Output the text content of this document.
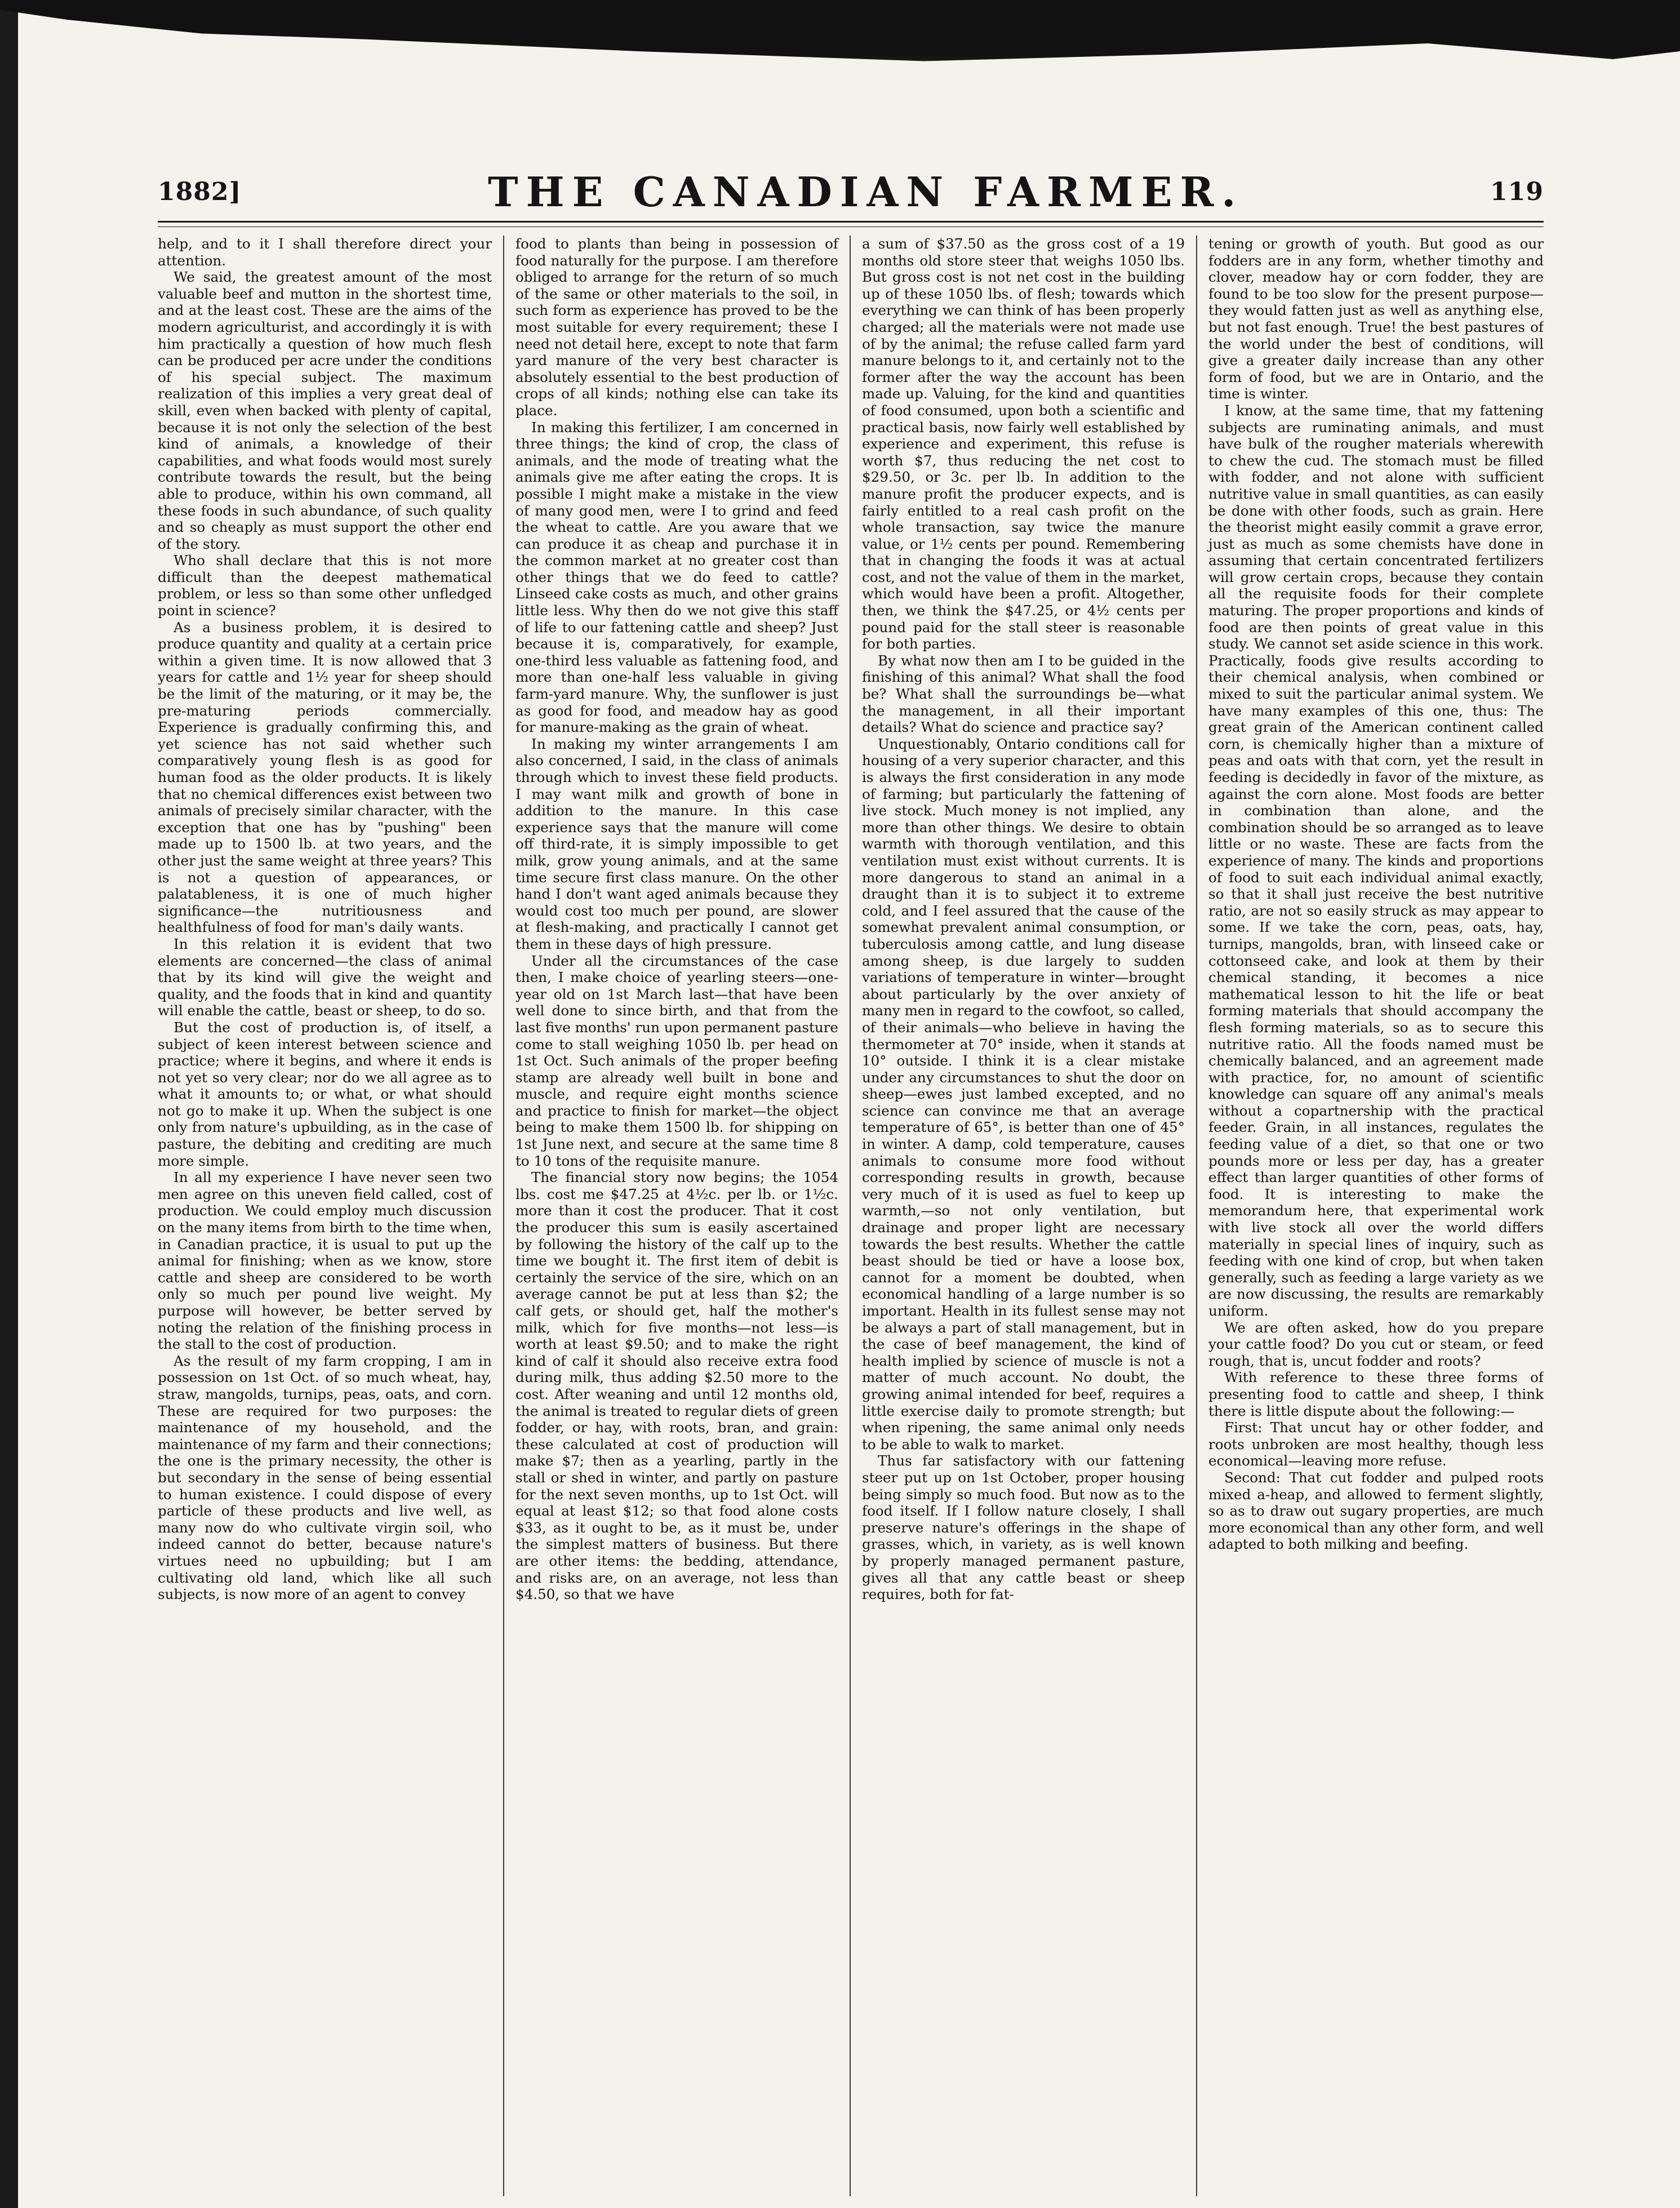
1882]	THE CANADIAN FARMER.	119

help, and to it I shall therefore direct your attention.

We said, the greatest amount of the most valuable beef and mutton in the shortest time, and at the least cost. These are the aims of the modern agriculturist, and accordingly it is with him practically a question of how much flesh can be produced per acre under the conditions of his special subject. The maximum realization of this implies a very great deal of skill, even when backed with plenty of capital, because it is not only the selection of the best kind of animals, a knowledge of their capabilities, and what foods would most surely contribute towards the result, but the being able to produce, within his own command, all these foods in such abundance, of such quality and so cheaply as must support the other end of the story.

Who shall declare that this is not more difficult than the deepest mathematical problem, or less so than some other unfledged point in science?

As a business problem, it is desired to produce quantity and quality at a certain price within a given time. It is now allowed that 3 years for cattle and 1½ year for sheep should be the limit of the maturing, or it may be, the pre-maturing periods commercially. Experience is gradually confirming this, and yet science has not said whether such comparatively young flesh is as good for human food as the older products. It is likely that no chemical differences exist between two animals of precisely similar character, with the exception that one has by "pushing" been made up to 1500 lb. at two years, and the other just the same weight at three years? This is not a question of appearances, or palatableness, it is one of much higher significance—the nutritiousness and healthfulness of food for man's daily wants.

In this relation it is evident that two elements are concerned—the class of animal that by its kind will give the weight and quality, and the foods that in kind and quantity will enable the cattle, beast or sheep, to do so.

But the cost of production is, of itself, a subject of keen interest between science and practice; where it begins, and where it ends is not yet so very clear; nor do we all agree as to what it amounts to; or what, or what should not go to make it up. When the subject is one only from nature's upbuilding, as in the case of pasture, the debiting and crediting are much more simple.

In all my experience I have never seen two men agree on this uneven field called, cost of production. We could employ much discussion on the many items from birth to the time when, in Canadian practice, it is usual to put up the animal for finishing; when as we know, store cattle and sheep are considered to be worth only so much per pound live weight. My purpose will however, be better served by noting the relation of the finishing process in the stall to the cost of production.

As the result of my farm cropping, I am in possession on 1st Oct. of so much wheat, hay, straw, mangolds, turnips, peas, oats, and corn. These are required for two purposes: the maintenance of my household, and the maintenance of my farm and their connections; the one is the primary necessity, the other is but secondary in the sense of being essential to human existence. I could dispose of every particle of these products and live well, as many now do who cultivate virgin soil, who indeed cannot do better, because nature's virtues need no upbuilding; but I am cultivating old land, which like all such subjects, is now more of an agent to convey

food to plants than being in possession of food naturally for the purpose. I am therefore obliged to arrange for the return of so much of the same or other materials to the soil, in such form as experience has proved to be the most suitable for every requirement; these I need not detail here, except to note that farm yard manure of the very best character is absolutely essential to the best production of crops of all kinds; nothing else can take its place.

In making this fertilizer, I am concerned in three things; the kind of crop, the class of animals, and the mode of treating what the animals give me after eating the crops. It is possible I might make a mistake in the view of many good men, were I to grind and feed the wheat to cattle. Are you aware that we can produce it as cheap and purchase it in the common market at no greater cost than other things that we do feed to cattle? Linseed cake costs as much, and other grains little less. Why then do we not give this staff of life to our fattening cattle and sheep? Just because it is, comparatively, for example, one-third less valuable as fattening food, and more than one-half less valuable in giving farm-yard manure. Why, the sunflower is just as good for food, and meadow hay as good for manure-making as the grain of wheat.

In making my winter arrangements I am also concerned, I said, in the class of animals through which to invest these field products. I may want milk and growth of bone in addition to the manure. In this case experience says that the manure will come off third-rate, it is simply impossible to get milk, grow young animals, and at the same time secure first class manure. On the other hand I don't want aged animals because they would cost too much per pound, are slower at flesh-making, and practically I cannot get them in these days of high pressure.

Under all the circumstances of the case then, I make choice of yearling steers—one-year old on 1st March last—that have been well done to since birth, and that from the last five months' run upon permanent pasture come to stall weighing 1050 lb. per head on 1st Oct. Such animals of the proper beefing stamp are already well built in bone and muscle, and require eight months science and practice to finish for market—the object being to make them 1500 lb. for shipping on 1st June next, and secure at the same time 8 to 10 tons of the requisite manure.

The financial story now begins; the 1054 lbs. cost me $47.25 at 4½c. per lb. or 1½c. more than it cost the producer. That it cost the producer this sum is easily ascertained by following the history of the calf up to the time we bought it. The first item of debit is certainly the service of the sire, which on an average cannot be put at less than $2; the calf gets, or should get, half the mother's milk, which for five months—not less—is worth at least $9.50; and to make the right kind of calf it should also receive extra food during milk, thus adding $2.50 more to the cost. After weaning and until 12 months old, the animal is treated to regular diets of green fodder, or hay, with roots, bran, and grain: these calculated at cost of production will make $7; then as a yearling, partly in the stall or shed in winter, and partly on pasture for the next seven months, up to 1st Oct. will equal at least $12; so that food alone costs $33, as it ought to be, as it must be, under the simplest matters of business. But there are other items: the bedding, attendance, and risks are, on an average, not less than $4.50, so that we have

a sum of $37.50 as the gross cost of a 19 months old store steer that weighs 1050 lbs. But gross cost is not net cost in the building up of these 1050 lbs. of flesh; towards which everything we can think of has been properly charged; all the materials were not made use of by the animal; the refuse called farm yard manure belongs to it, and certainly not to the former after the way the account has been made up. Valuing, for the kind and quantities of food consumed, upon both a scientific and practical basis, now fairly well established by experience and experiment, this refuse is worth $7, thus reducing the net cost to $29.50, or 3c. per lb. In addition to the manure profit the producer expects, and is fairly entitled to a real cash profit on the whole transaction, say twice the manure value, or 1½ cents per pound. Remembering that in changing the foods it was at actual cost, and not the value of them in the market, which would have been a profit. Altogether, then, we think the $47.25, or 4½ cents per pound paid for the stall steer is reasonable for both parties.

By what now then am I to be guided in the finishing of this animal? What shall the food be? What shall the surroundings be—what the management, in all their important details? What do science and practice say?

Unquestionably, Ontario conditions call for housing of a very superior character, and this is always the first consideration in any mode of farming; but particularly the fattening of live stock. Much money is not implied, any more than other things. We desire to obtain warmth with thorough ventilation, and this ventilation must exist without currents. It is more dangerous to stand an animal in a draught than it is to subject it to extreme cold, and I feel assured that the cause of the somewhat prevalent animal consumption, or tuberculosis among cattle, and lung disease among sheep, is due largely to sudden variations of temperature in winter—brought about particularly by the over anxiety of many men in regard to the cowfoot, so called, of their animals—who believe in having the thermometer at 70° inside, when it stands at 10° outside. I think it is a clear mistake under any circumstances to shut the door on sheep—ewes just lambed excepted, and no science can convince me that an average temperature of 65°, is better than one of 45° in winter. A damp, cold temperature, causes animals to consume more food without corresponding results in growth, because very much of it is used as fuel to keep up warmth,—so not only ventilation, but drainage and proper light are necessary towards the best results. Whether the cattle beast should be tied or have a loose box, cannot for a moment be doubted, when economical handling of a large number is so important. Health in its fullest sense may not be always a part of stall management, but in the case of beef management, the kind of health implied by science of muscle is not a matter of much account. No doubt, the growing animal intended for beef, requires a little exercise daily to promote strength; but when ripening, the same animal only needs to be able to walk to market.

Thus far satisfactory with our fattening steer put up on 1st October, proper housing being simply so much food. But now as to the food itself. If I follow nature closely, I shall preserve nature's offerings in the shape of grasses, which, in variety, as is well known by properly managed permanent pasture, gives all that any cattle beast or sheep requires, both for fat-

tening or growth of youth. But good as our fodders are in any form, whether timothy and clover, meadow hay or corn fodder, they are found to be too slow for the present purpose—they would fatten just as well as anything else, but not fast enough. True! the best pastures of the world under the best of conditions, will give a greater daily increase than any other form of food, but we are in Ontario, and the time is winter.

I know, at the same time, that my fattening subjects are ruminating animals, and must have bulk of the rougher materials wherewith to chew the cud. The stomach must be filled with fodder, and not alone with sufficient nutritive value in small quantities, as can easily be done with other foods, such as grain. Here the theorist might easily commit a grave error, just as much as some chemists have done in assuming that certain concentrated fertilizers will grow certain crops, because they contain all the requisite foods for their complete maturing. The proper proportions and kinds of food are then points of great value in this study. We cannot set aside science in this work. Practically, foods give results according to their chemical analysis, when combined or mixed to suit the particular animal system. We have many examples of this one, thus: The great grain of the American continent called corn, is chemically higher than a mixture of peas and oats with that corn, yet the result in feeding is decidedly in favor of the mixture, as against the corn alone. Most foods are better in combination than alone, and the combination should be so arranged as to leave little or no waste. These are facts from the experience of many. The kinds and proportions of food to suit each individual animal exactly, so that it shall just receive the best nutritive ratio, are not so easily struck as may appear to some. If we take the corn, peas, oats, hay, turnips, mangolds, bran, with linseed cake or cottonseed cake, and look at them by their chemical standing, it becomes a nice mathematical lesson to hit the life or beat forming materials that should accompany the flesh forming materials, so as to secure this nutritive ratio. All the foods named must be chemically balanced, and an agreement made with practice, for, no amount of scientific knowledge can square off any animal's meals without a copartnership with the practical feeder. Grain, in all instances, regulates the feeding value of a diet, so that one or two pounds more or less per day, has a greater effect than larger quantities of other forms of food. It is interesting to make the memorandum here, that experimental work with live stock all over the world differs materially in special lines of inquiry, such as feeding with one kind of crop, but when taken generally, such as feeding a large variety as we are now discussing, the results are remarkably uniform.

We are often asked, how do you prepare your cattle food? Do you cut or steam, or feed rough, that is, uncut fodder and roots?

With reference to these three forms of presenting food to cattle and sheep, I think there is little dispute about the following:—

First: That uncut hay or other fodder, and roots unbroken are most healthy, though less economical—leaving more refuse.

Second: That cut fodder and pulped roots mixed a-heap, and allowed to ferment slightly, so as to draw out sugary properties, are much more economical than any other form, and well adapted to both milking and beefing.
